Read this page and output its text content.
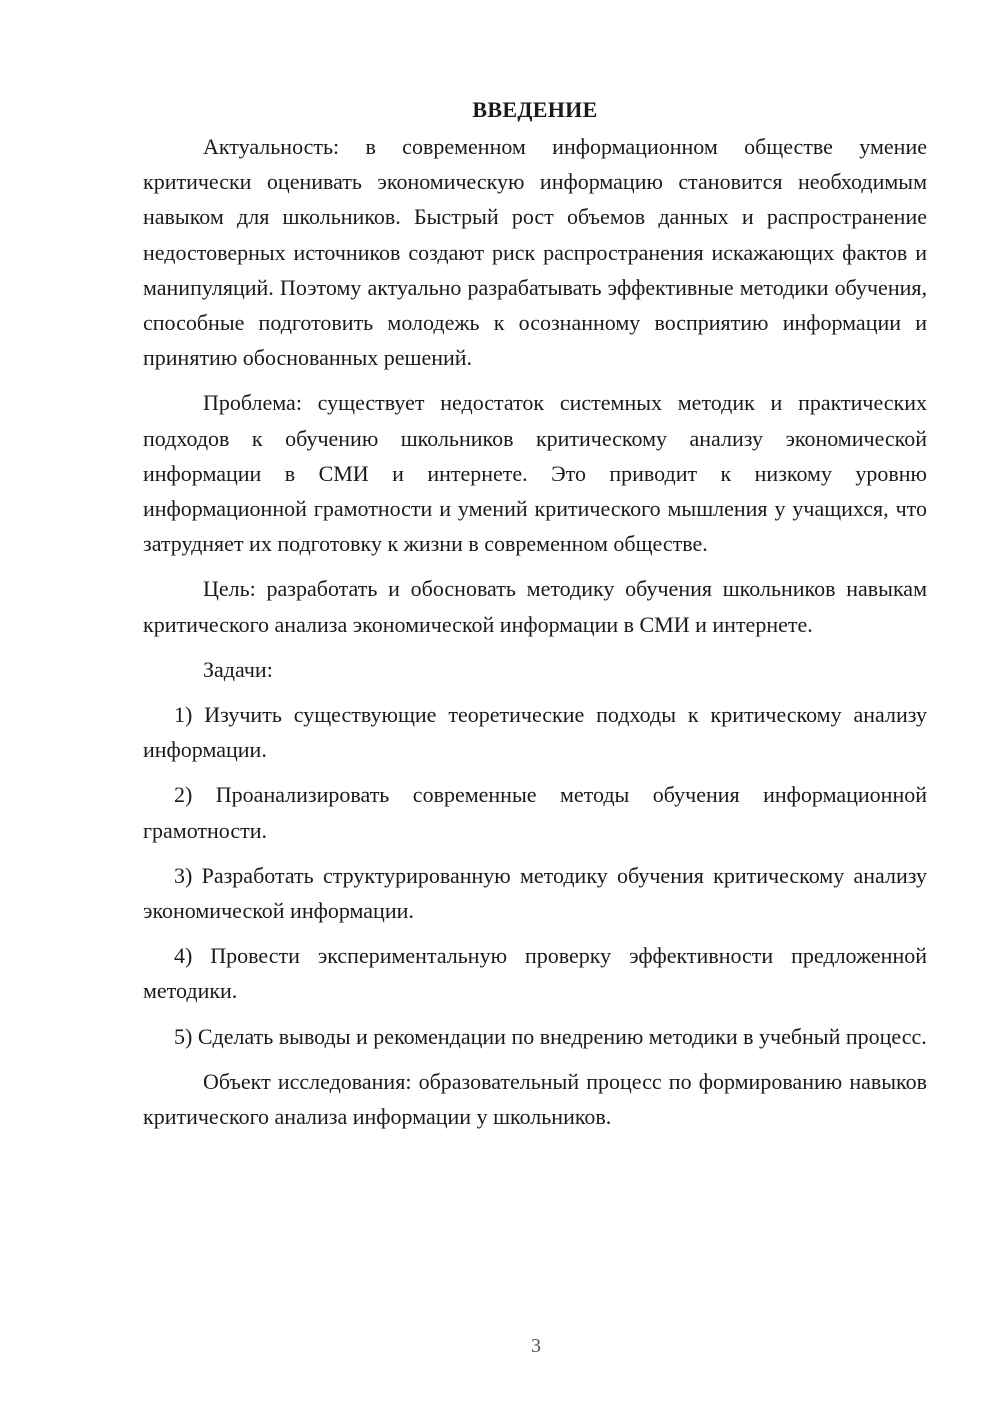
ВВЕДЕНИЕ

Актуальность: в современном информационном обществе умение критически оценивать экономическую информацию становится необходимым навыком для школьников. Быстрый рост объемов данных и распространение недостоверных источников создают риск распространения искажающих фактов и манипуляций. Поэтому актуально разрабатывать эффективные методики обучения, способные подготовить молодежь к осознанному восприятию информации и принятию обоснованных решений.

Проблема: существует недостаток системных методик и практических подходов к обучению школьников критическому анализу экономической информации в СМИ и интернете. Это приводит к низкому уровню информационной грамотности и умений критического мышления у учащихся, что затрудняет их подготовку к жизни в современном обществе.

Цель: разработать и обосновать методику обучения школьников навыкам критического анализа экономической информации в СМИ и интернете.

Задачи:

1) Изучить существующие теоретические подходы к критическому анализу информации.

2) Проанализировать современные методы обучения информационной грамотности.

3) Разработать структурированную методику обучения критическому анализу экономической информации.

4) Провести экспериментальную проверку эффективности предложенной методики.

5) Сделать выводы и рекомендации по внедрению методики в учебный процесс.

Объект исследования: образовательный процесс по формированию навыков критического анализа информации у школьников.

3
